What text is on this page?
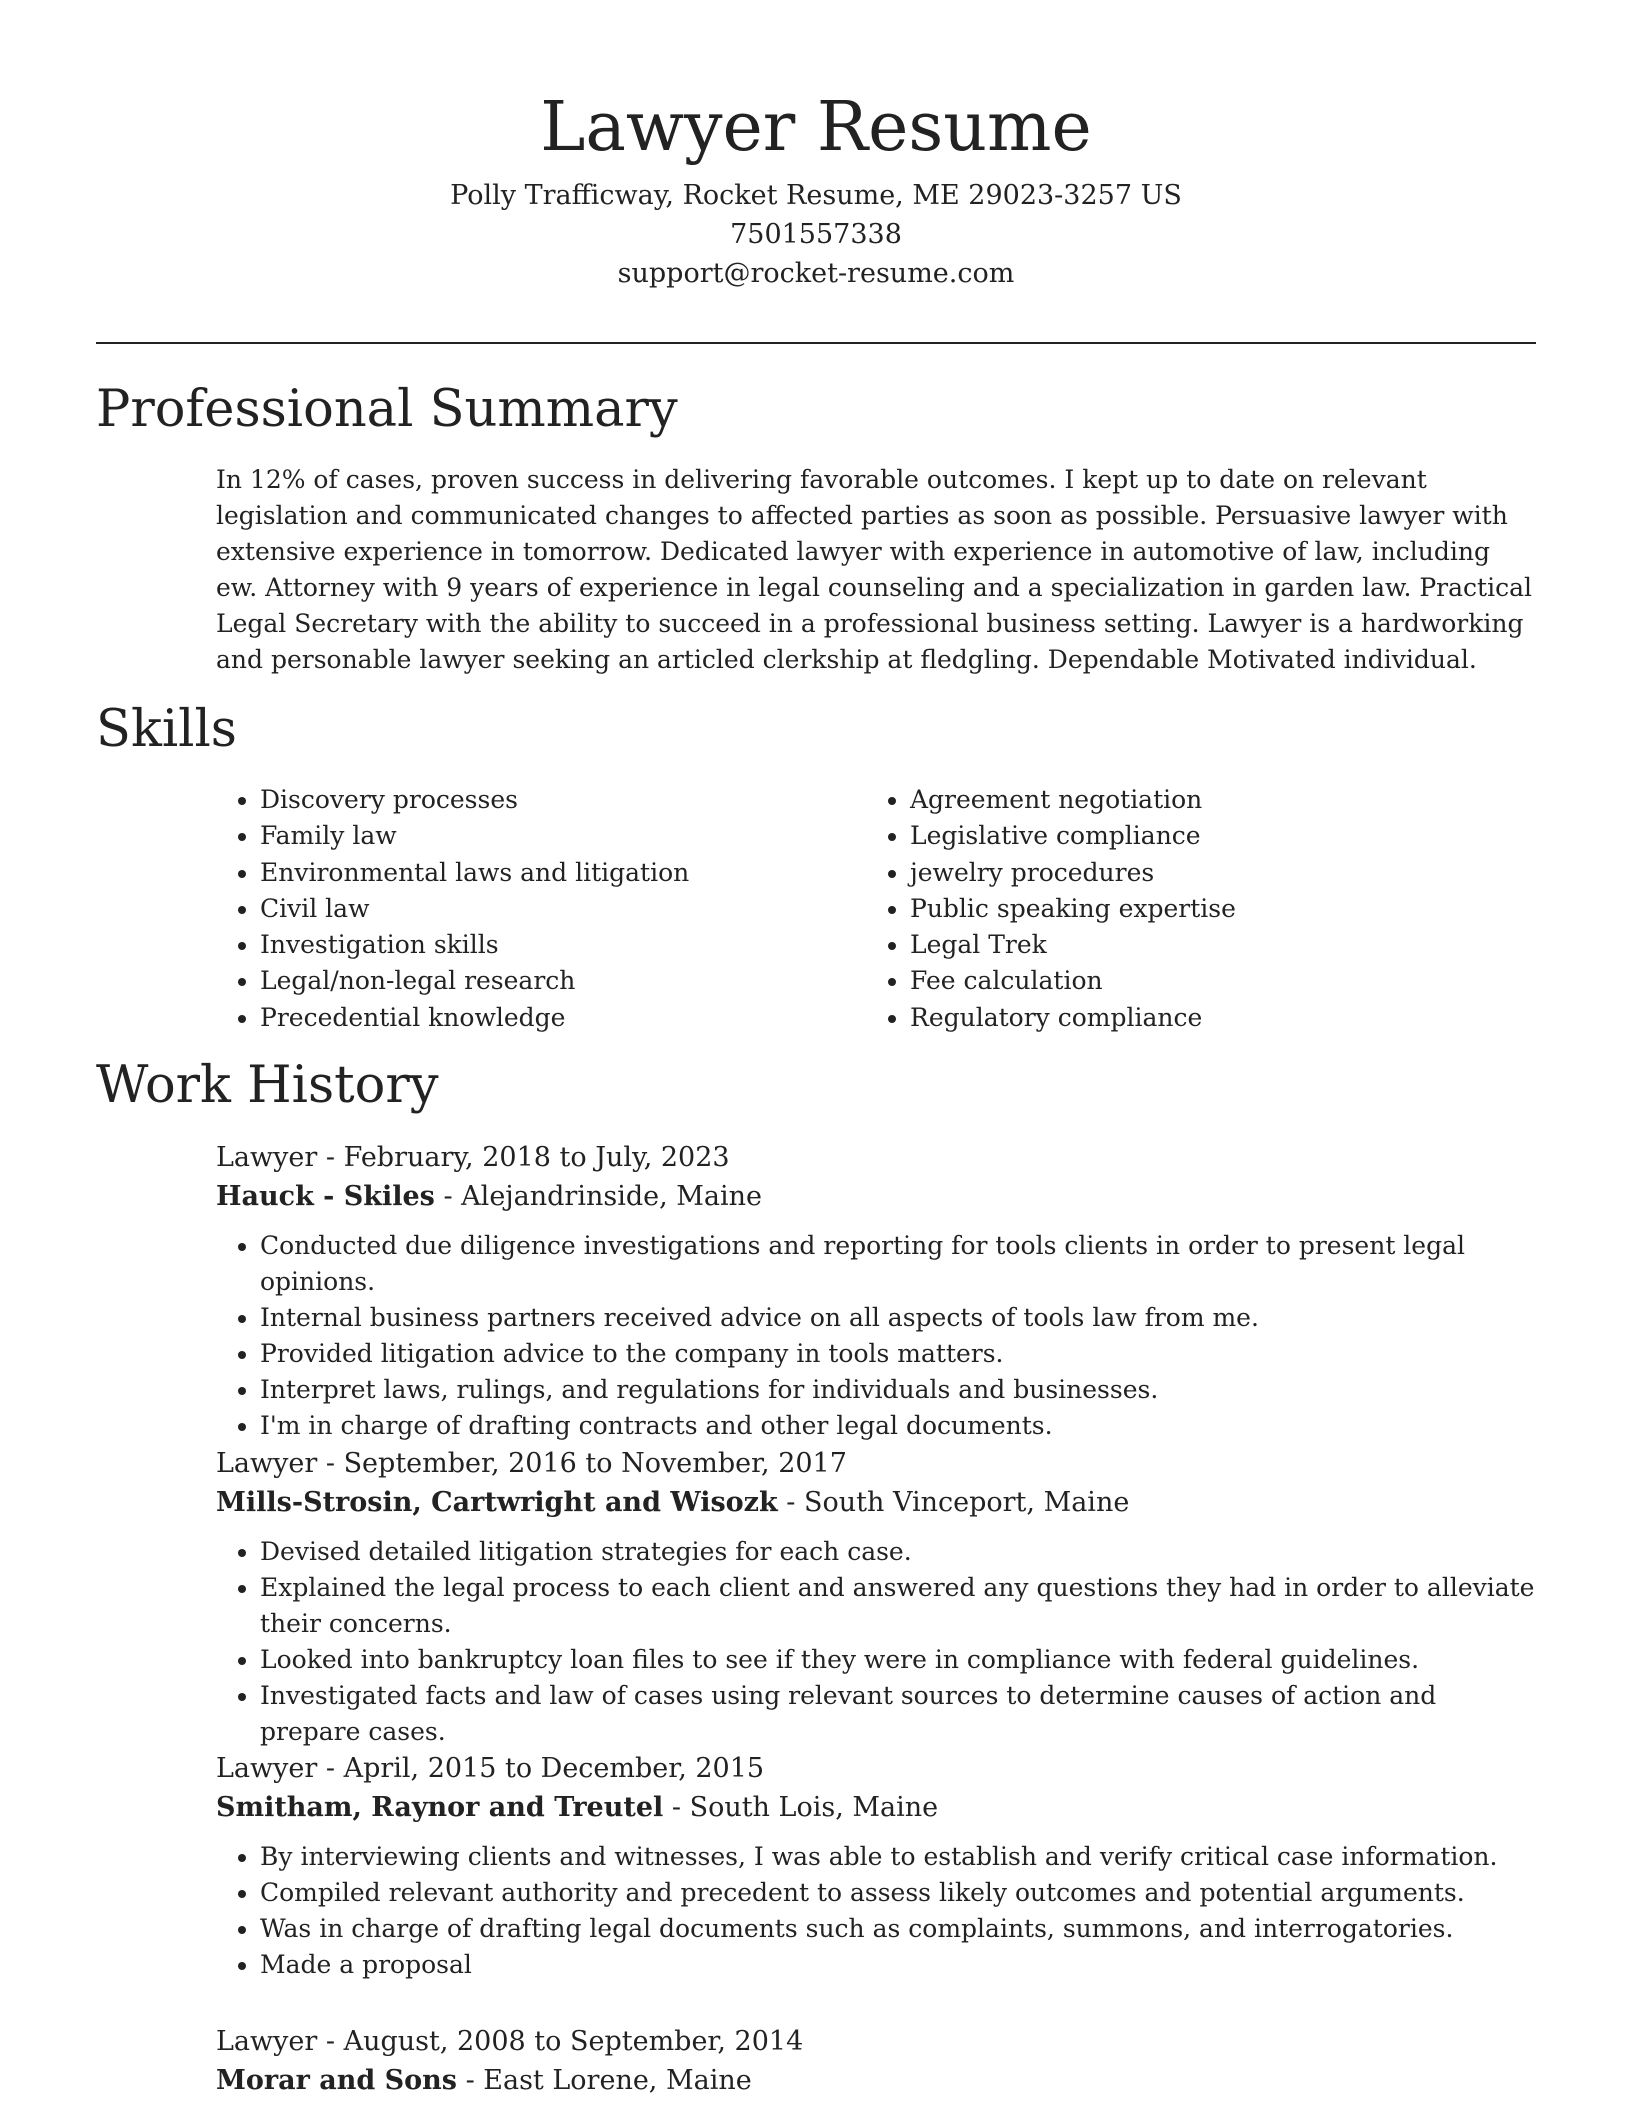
Lawyer Resume

Polly Trafficway, Rocket Resume, ME 29023-3257 US

7501557338

support@rocket-resume.com

Professional Summary

In 12% of cases, proven success in delivering favorable outcomes. I kept up to date on relevant legislation and communicated changes to affected parties as soon as possible. Persuasive lawyer with extensive experience in tomorrow. Dedicated lawyer with experience in automotive of law, including ew. Attorney with 9 years of experience in legal counseling and a specialization in garden law. Practical Legal Secretary with the ability to succeed in a professional business setting. Lawyer is a hardworking and personable lawyer seeking an articled clerkship at fledgling. Dependable Motivated individual.

Skills
• Discovery processes
• Family law
• Environmental laws and litigation
• Civil law
• Investigation skills
• Legal/non-legal research
• Precedential knowledge
• Agreement negotiation
• Legislative compliance
• jewelry procedures
• Public speaking expertise
• Legal Trek
• Fee calculation
• Regulatory compliance
Work History

Lawyer - February, 2018 to July, 2023

Hauck - Skiles - Alejandrinside, Maine

• Conducted due diligence investigations and reporting for tools clients in order to present legal opinions.
• Internal business partners received advice on all aspects of tools law from me.
• Provided litigation advice to the company in tools matters.
• Interpret laws, rulings, and regulations for individuals and businesses.
• I'm in charge of drafting contracts and other legal documents.

Lawyer - September, 2016 to November, 2017

Mills-Strosin, Cartwright and Wisozk - South Vinceport, Maine

• Devised detailed litigation strategies for each case.
• Explained the legal process to each client and answered any questions they had in order to alleviate their concerns.
• Looked into bankruptcy loan files to see if they were in compliance with federal guidelines.
• Investigated facts and law of cases using relevant sources to determine causes of action and prepare cases.

Lawyer - April, 2015 to December, 2015

Smitham, Raynor and Treutel - South Lois, Maine

• By interviewing clients and witnesses, I was able to establish and verify critical case information.
• Compiled relevant authority and precedent to assess likely outcomes and potential arguments.
• Was in charge of drafting legal documents such as complaints, summons, and interrogatories.
• Made a proposal

Lawyer - August, 2008 to September, 2014

Morar and Sons - East Lorene, Maine
